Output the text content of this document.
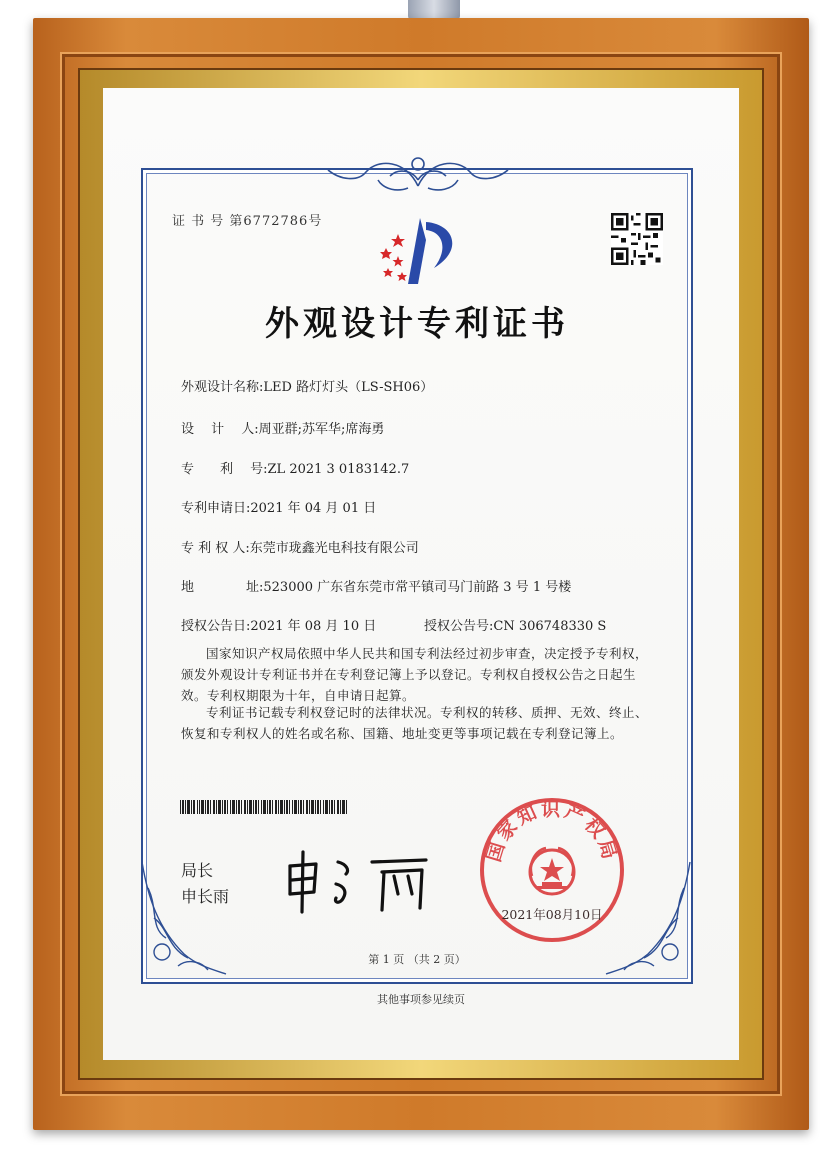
证 书 号 第6772786号
外观设计专利证书
外观设计名称:LED 路灯灯头（LS-SH06）
设　 计 　人:周亚群;苏军华;席海勇
专　　利　 号:ZL 2021 3 0183142.7
专利申请日:2021 年 04 月 01 日
专 利 权 人:东莞市珑鑫光电科技有限公司
地　　　　址:523000 广东省东莞市常平镇司马门前路 3 号 1 号楼
授权公告日:2021 年 08 月 10 日	授权公告号:CN 306748330 S
国家知识产权局依照中华人民共和国专利法经过初步审查，决定授予专利权，颁发外观设计专利证书并在专利登记簿上予以登记。专利权自授权公告之日起生效。专利权期限为十年，自申请日起算。
专利证书记载专利权登记时的法律状况。专利权的转移、质押、无效、终止、恢复和专利权人的姓名或名称、国籍、地址变更等事项记载在专利登记簿上。
局长
申长雨
国家知识产权局
2021年08月10日
第 1 页 （共 2 页）
其他事项参见续页
